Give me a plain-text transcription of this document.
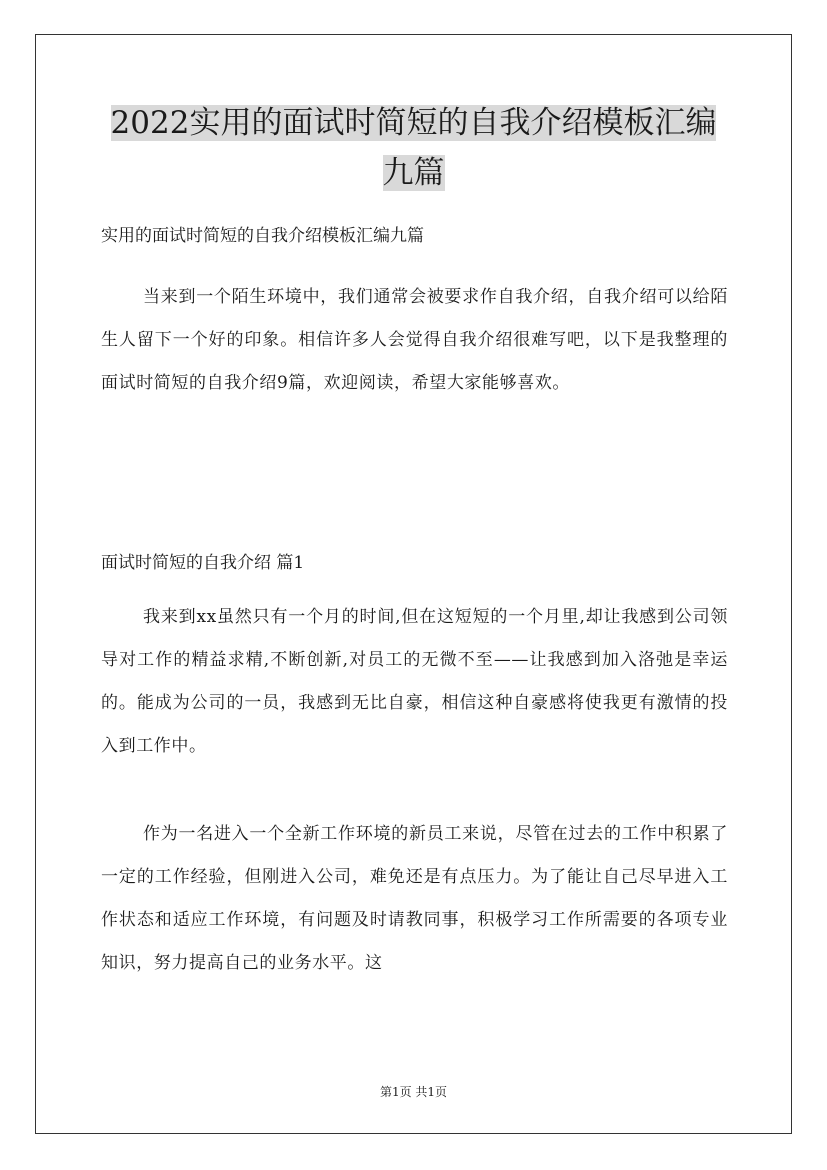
2022实用的面试时简短的自我介绍模板汇编九篇

实用的面试时简短的自我介绍模板汇编九篇

当来到一个陌生环境中，我们通常会被要求作自我介绍，自我介绍可以给陌生人留下一个好的印象。相信许多人会觉得自我介绍很难写吧，以下是我整理的面试时简短的自我介绍9篇，欢迎阅读，希望大家能够喜欢。

面试时简短的自我介绍 篇1

我来到xx虽然只有一个月的时间,但在这短短的一个月里,却让我感到公司领导对工作的精益求精,不断创新,对员工的无微不至——让我感到加入洛弛是幸运的。能成为公司的一员，我感到无比自豪，相信这种自豪感将使我更有激情的投入到工作中。

作为一名进入一个全新工作环境的新员工来说，尽管在过去的工作中积累了一定的工作经验，但刚进入公司，难免还是有点压力。为了能让自己尽早进入工作状态和适应工作环境，有问题及时请教同事，积极学习工作所需要的各项专业知识，努力提高自己的业务水平。这

第1页 共1页
